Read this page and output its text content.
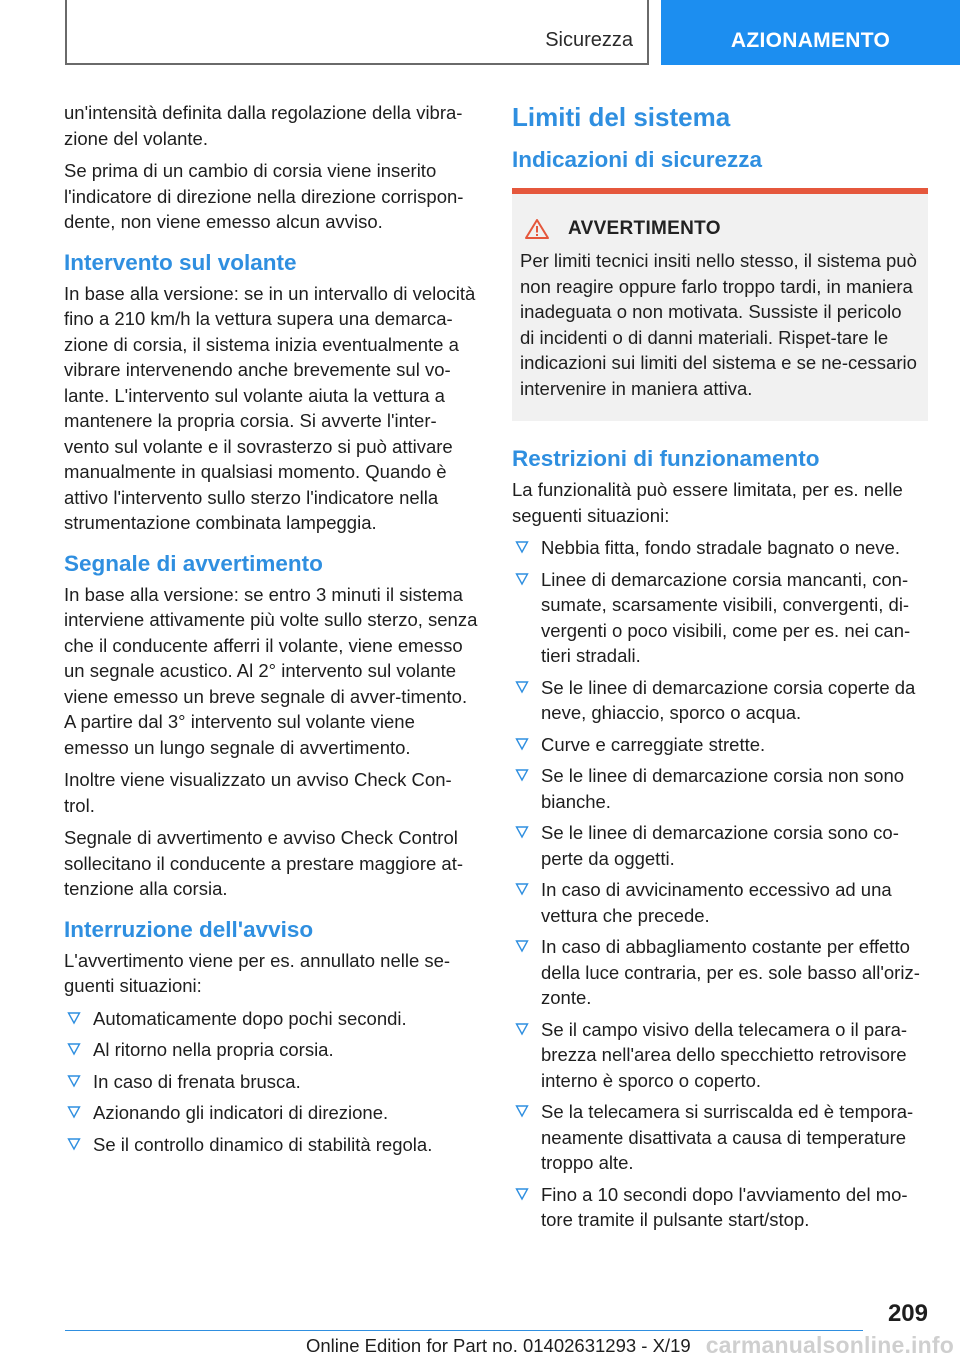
Sicurezza	AZIONAMENTO

un'intensità definita dalla regolazione della vibra-zione del volante.

Se prima di un cambio di corsia viene inserito l'indicatore di direzione nella direzione corrispon-dente, non viene emesso alcun avviso.

Intervento sul volante

In base alla versione: se in un intervallo di velocità fino a 210 km/h la vettura supera una demarca-zione di corsia, il sistema inizia eventualmente a vibrare intervenendo anche brevemente sul vo-lante. L'intervento sul volante aiuta la vettura a mantenere la propria corsia. Si avverte l'inter-vento sul volante e il sovrasterzo si può attivare manualmente in qualsiasi momento. Quando è attivo l'intervento sullo sterzo l'indicatore nella strumentazione combinata lampeggia.

Segnale di avvertimento

In base alla versione: se entro 3 minuti il sistema interviene attivamente più volte sullo sterzo, senza che il conducente afferri il volante, viene emesso un segnale acustico. Al 2° intervento sul volante viene emesso un breve segnale di avver-timento. A partire dal 3° intervento sul volante viene emesso un lungo segnale di avvertimento.

Inoltre viene visualizzato un avviso Check Con-trol.

Segnale di avvertimento e avviso Check Control sollecitano il conducente a prestare maggiore at-tenzione alla corsia.

Interruzione dell'avviso

L'avvertimento viene per es. annullato nelle se-guenti situazioni:

Automaticamente dopo pochi secondi.
Al ritorno nella propria corsia.
In caso di frenata brusca.
Azionando gli indicatori di direzione.
Se il controllo dinamico di stabilità regola.
Limiti del sistema
Indicazioni di sicurezza
AVVERTIMENTO

Per limiti tecnici insiti nello stesso, il sistema può non reagire oppure farlo troppo tardi, in maniera inadeguata o non motivata. Sussiste il pericolo di incidenti o di danni materiali. Rispet-tare le indicazioni sui limiti del sistema e se ne-cessario intervenire in maniera attiva.

Restrizioni di funzionamento

La funzionalità può essere limitata, per es. nelle seguenti situazioni:

Nebbia fitta, fondo stradale bagnato o neve.
Linee di demarcazione corsia mancanti, con-sumate, scarsamente visibili, convergenti, di-vergenti o poco visibili, come per es. nei can-tieri stradali.
Se le linee di demarcazione corsia coperte da neve, ghiaccio, sporco o acqua.
Curve e carreggiate strette.
Se le linee di demarcazione corsia non sono bianche.
Se le linee di demarcazione corsia sono co-perte da oggetti.
In caso di avvicinamento eccessivo ad una vettura che precede.
In caso di abbagliamento costante per effetto della luce contraria, per es. sole basso all'oriz-zonte.
Se il campo visivo della telecamera o il para-brezza nell'area dello specchietto retrovisore interno è sporco o coperto.
Se la telecamera si surriscalda ed è tempora-neamente disattivata a causa di temperature troppo alte.
Fino a 10 secondi dopo l'avviamento del mo-tore tramite il pulsante start/stop.
209
Online Edition for Part no. 01402631293 - X/19 carmanualsonline.info
